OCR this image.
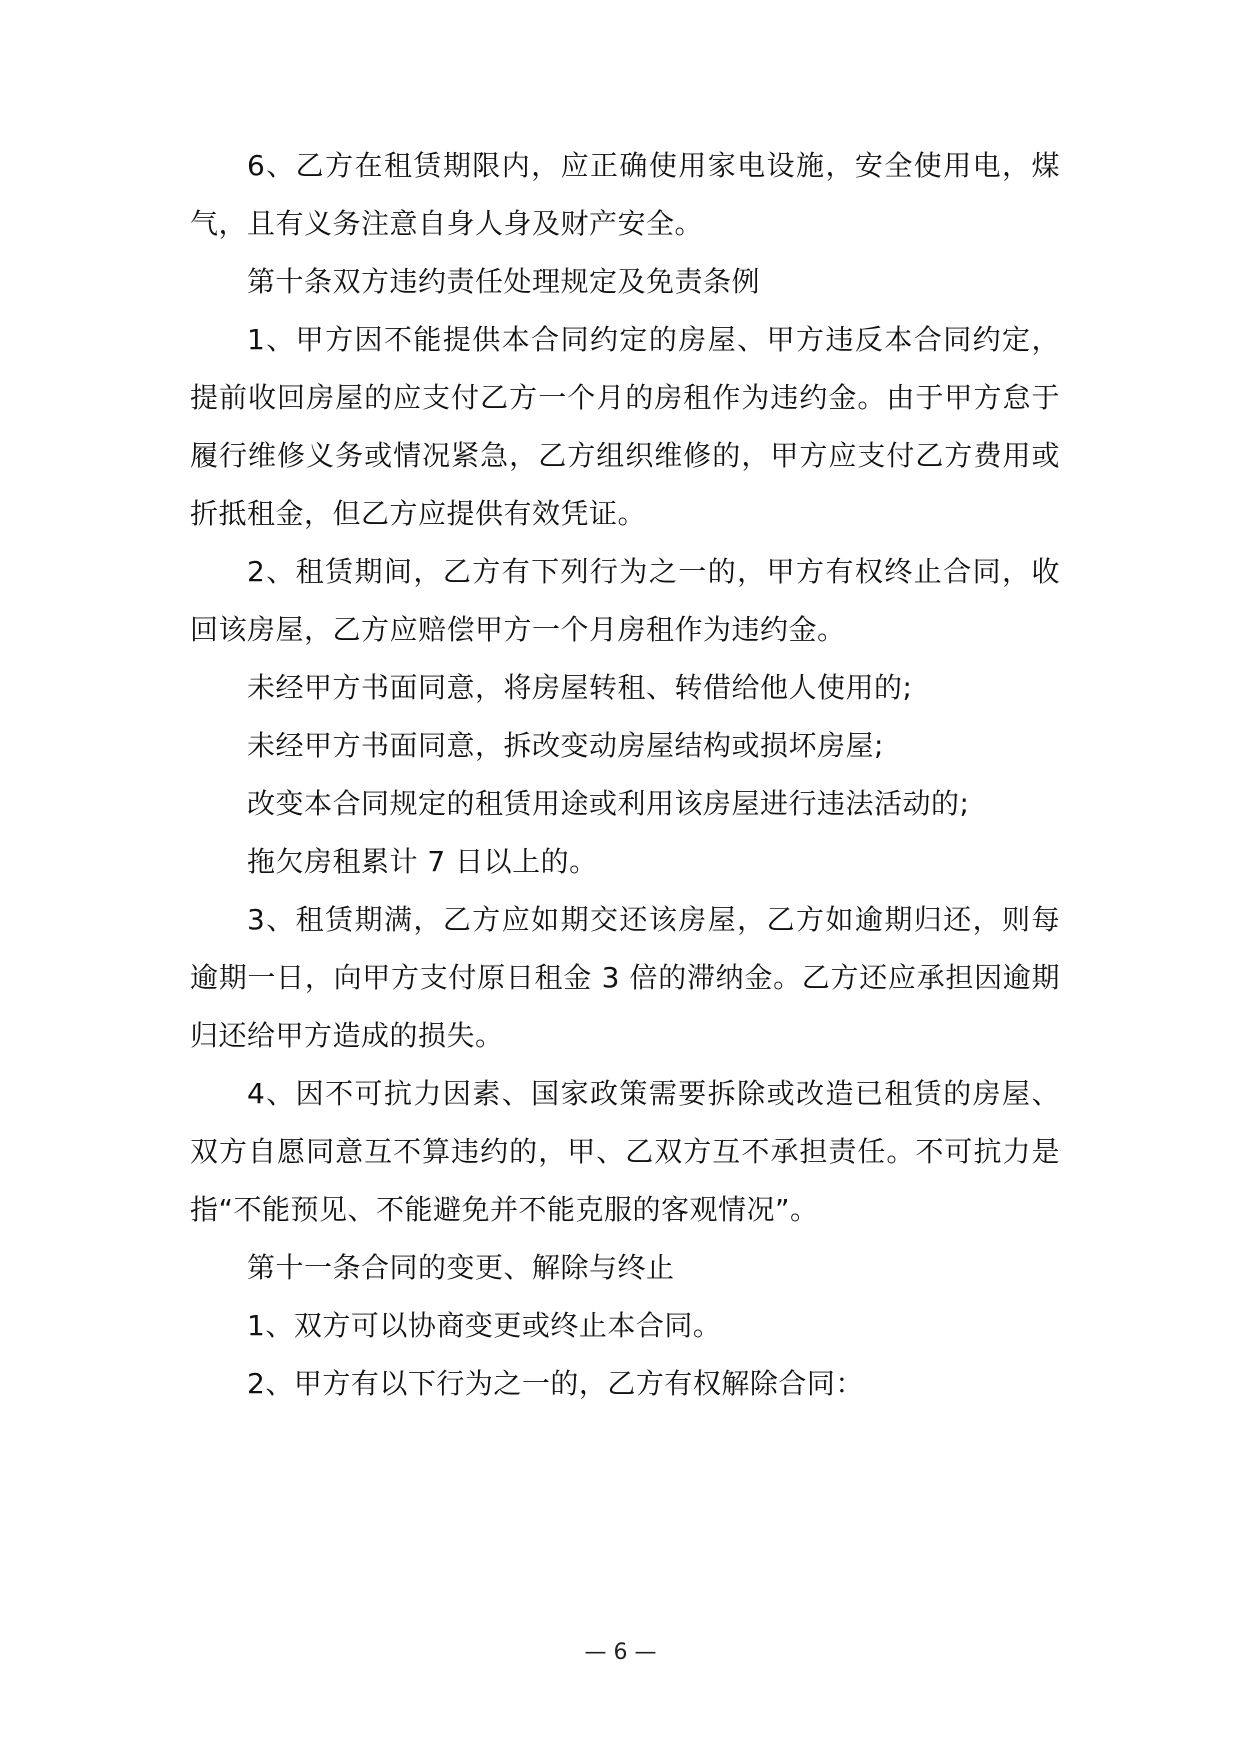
6、乙方在租赁期限内，应正确使用家电设施，安全使用电，煤
气，且有义务注意自身人身及财产安全。
第十条双方违约责任处理规定及免责条例
1、甲方因不能提供本合同约定的房屋、甲方违反本合同约定，
提前收回房屋的应支付乙方一个月的房租作为违约金。由于甲方怠于
履行维修义务或情况紧急，乙方组织维修的，甲方应支付乙方费用或
折抵租金，但乙方应提供有效凭证。
2、租赁期间，乙方有下列行为之一的，甲方有权终止合同，收
回该房屋，乙方应赔偿甲方一个月房租作为违约金。
未经甲方书面同意，将房屋转租、转借给他人使用的;
未经甲方书面同意，拆改变动房屋结构或损坏房屋;
改变本合同规定的租赁用途或利用该房屋进行违法活动的;
拖欠房租累计 7 日以上的。
3、租赁期满，乙方应如期交还该房屋，乙方如逾期归还，则每
逾期一日，向甲方支付原日租金 3 倍的滞纳金。乙方还应承担因逾期
归还给甲方造成的损失。
4、因不可抗力因素、国家政策需要拆除或改造已租赁的房屋、
双方自愿同意互不算违约的，甲、乙双方互不承担责任。不可抗力是
指“不能预见、不能避免并不能克服的客观情况”。
第十一条合同的变更、解除与终止
1、双方可以协商变更或终止本合同。
2、甲方有以下行为之一的，乙方有权解除合同：
— 6 —
